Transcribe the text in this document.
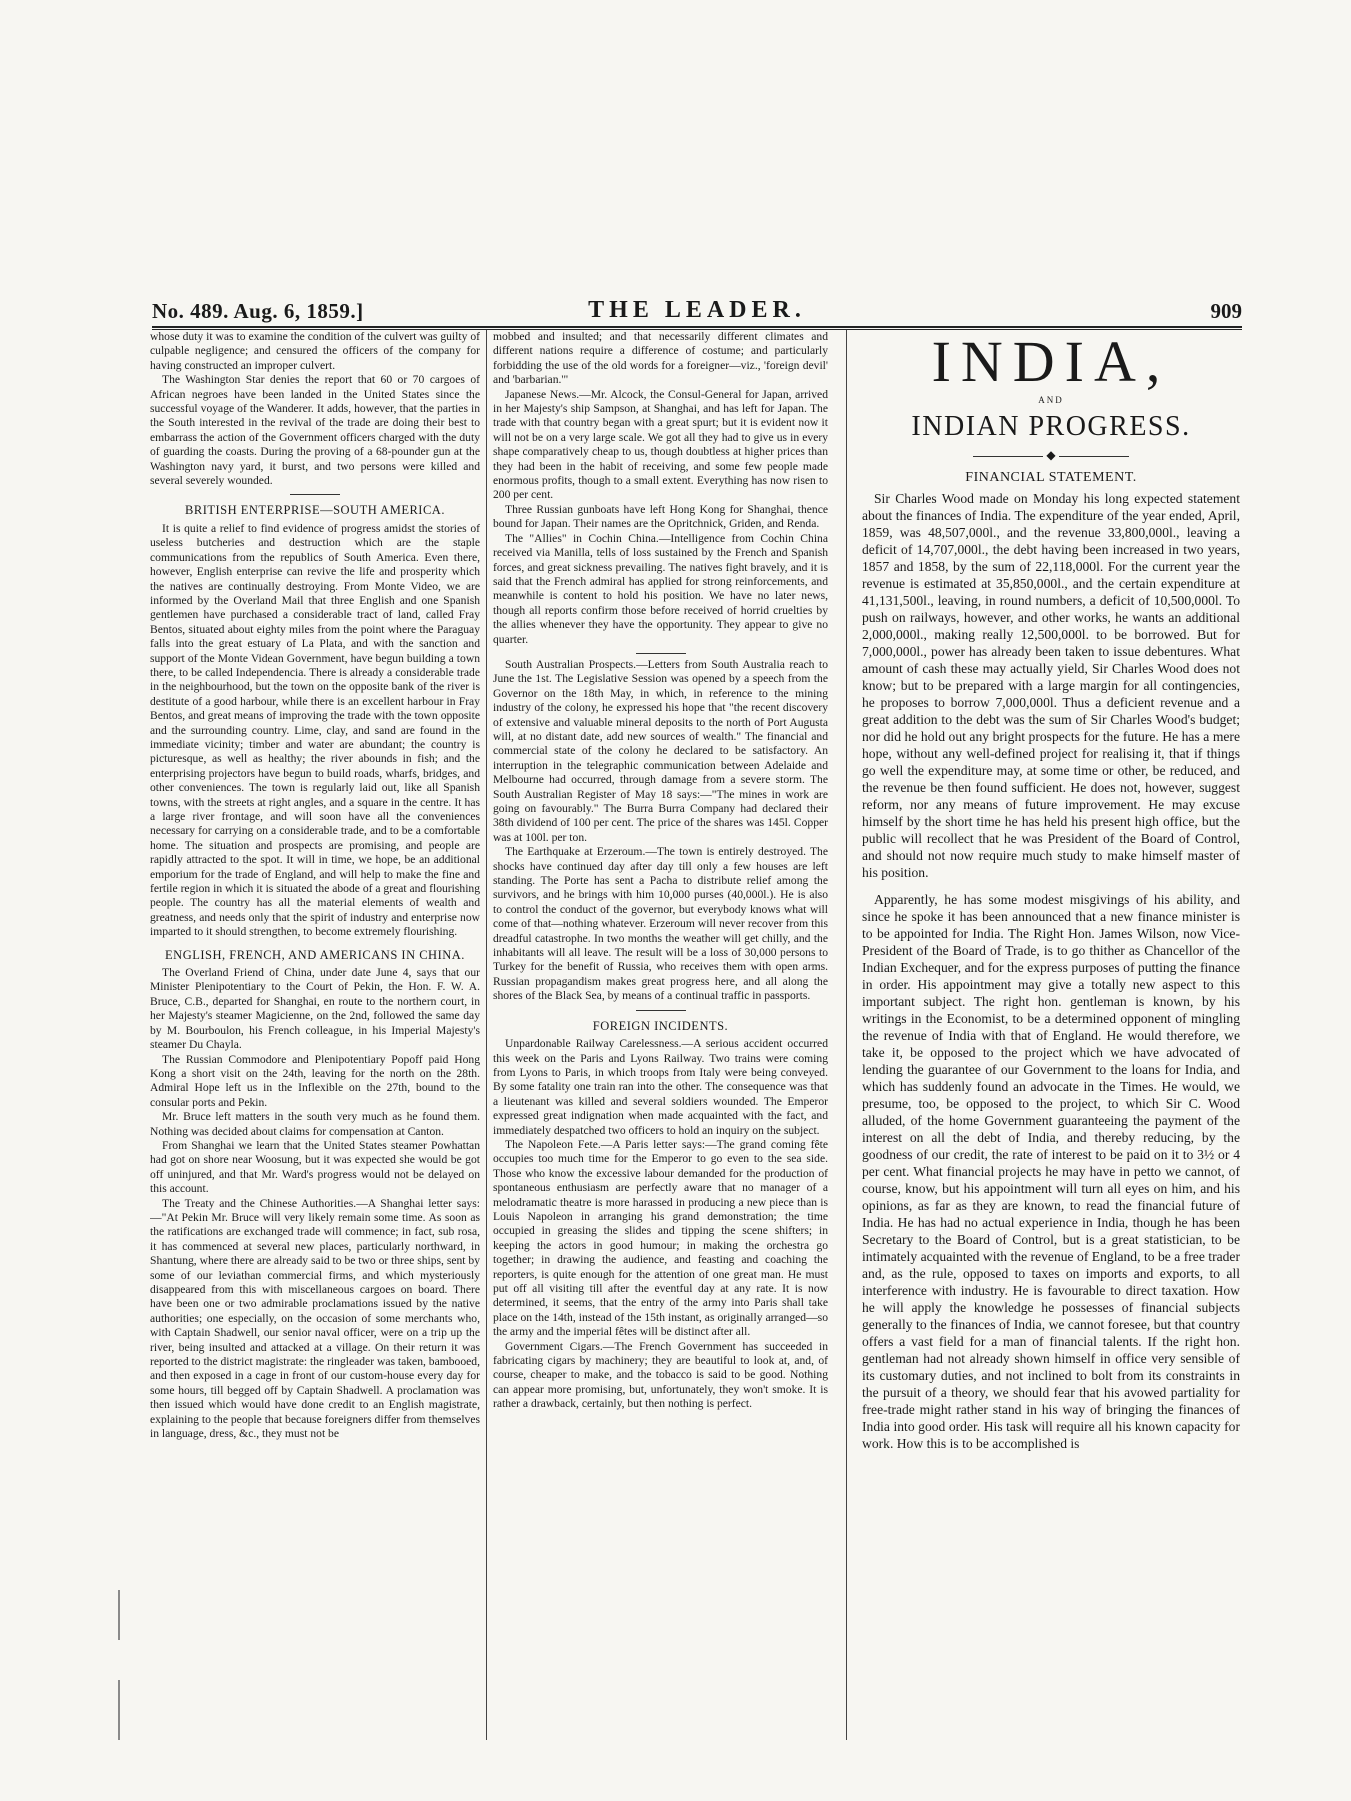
No. 489. Aug. 6, 1859.]	THE LEADER.	909

whose duty it was to examine the condition of the culvert was guilty of culpable negligence; and censured the officers of the company for having constructed an improper culvert.

The Washington Star denies the report that 60 or 70 cargoes of African negroes have been landed in the United States since the successful voyage of the Wanderer. It adds, however, that the parties in the South interested in the revival of the trade are doing their best to embarrass the action of the Government officers charged with the duty of guarding the coasts. During the proving of a 68-pounder gun at the Washington navy yard, it burst, and two persons were killed and several severely wounded.

BRITISH ENTERPRISE—SOUTH AMERICA.

It is quite a relief to find evidence of progress amidst the stories of useless butcheries and destruction which are the staple communications from the republics of South America. Even there, however, English enterprise can revive the life and prosperity which the natives are continually destroying. From Monte Video, we are informed by the Overland Mail that three English and one Spanish gentlemen have purchased a considerable tract of land, called Fray Bentos, situated about eighty miles from the point where the Paraguay falls into the great estuary of La Plata, and with the sanction and support of the Monte Videan Government, have begun building a town there, to be called Independencia. There is already a considerable trade in the neighbourhood, but the town on the opposite bank of the river is destitute of a good harbour, while there is an excellent harbour in Fray Bentos, and great means of improving the trade with the town opposite and the surrounding country. Lime, clay, and sand are found in the immediate vicinity; timber and water are abundant; the country is picturesque, as well as healthy; the river abounds in fish; and the enterprising projectors have begun to build roads, wharfs, bridges, and other conveniences. The town is regularly laid out, like all Spanish towns, with the streets at right angles, and a square in the centre. It has a large river frontage, and will soon have all the conveniences necessary for carrying on a considerable trade, and to be a comfortable home. The situation and prospects are promising, and people are rapidly attracted to the spot. It will in time, we hope, be an additional emporium for the trade of England, and will help to make the fine and fertile region in which it is situated the abode of a great and flourishing people. The country has all the material elements of wealth and greatness, and needs only that the spirit of industry and enterprise now imparted to it should strengthen, to become extremely flourishing.

ENGLISH, FRENCH, AND AMERICANS IN CHINA.

The Overland Friend of China, under date June 4, says that our Minister Plenipotentiary to the Court of Pekin, the Hon. F. W. A. Bruce, C.B., departed for Shanghai, en route to the northern court, in her Majesty's steamer Magicienne, on the 2nd, followed the same day by M. Bourboulon, his French colleague, in his Imperial Majesty's steamer Du Chayla.

The Russian Commodore and Plenipotentiary Popoff paid Hong Kong a short visit on the 24th, leaving for the north on the 28th. Admiral Hope left us in the Inflexible on the 27th, bound to the consular ports and Pekin.

Mr. Bruce left matters in the south very much as he found them. Nothing was decided about claims for compensation at Canton.

From Shanghai we learn that the United States steamer Powhattan had got on shore near Woosung, but it was expected she would be got off uninjured, and that Mr. Ward's progress would not be delayed on this account.

The Treaty and the Chinese Authorities.—A Shanghai letter says:—"At Pekin Mr. Bruce will very likely remain some time. As soon as the ratifications are exchanged trade will commence; in fact, sub rosa, it has commenced at several new places, particularly northward, in Shantung, where there are already said to be two or three ships, sent by some of our leviathan commercial firms, and which mysteriously disappeared from this with miscellaneous cargoes on board. There have been one or two admirable proclamations issued by the native authorities; one especially, on the occasion of some merchants who, with Captain Shadwell, our senior naval officer, were on a trip up the river, being insulted and attacked at a village. On their return it was reported to the district magistrate: the ringleader was taken, bambooed, and then exposed in a cage in front of our custom-house every day for some hours, till begged off by Captain Shadwell. A proclamation was then issued which would have done credit to an English magistrate, explaining to the people that because foreigners differ from themselves in language, dress, &c., they must not be

mobbed and insulted; and that necessarily different climates and different nations require a difference of costume; and particularly forbidding the use of the old words for a foreigner—viz., 'foreign devil' and 'barbarian.'"

Japanese News.—Mr. Alcock, the Consul-General for Japan, arrived in her Majesty's ship Sampson, at Shanghai, and has left for Japan. The trade with that country began with a great spurt; but it is evident now it will not be on a very large scale. We got all they had to give us in every shape comparatively cheap to us, though doubtless at higher prices than they had been in the habit of receiving, and some few people made enormous profits, though to a small extent. Everything has now risen to 200 per cent.

Three Russian gunboats have left Hong Kong for Shanghai, thence bound for Japan. Their names are the Opritchnick, Griden, and Renda.

The "Allies" in Cochin China.—Intelligence from Cochin China received via Manilla, tells of loss sustained by the French and Spanish forces, and great sickness prevailing. The natives fight bravely, and it is said that the French admiral has applied for strong reinforcements, and meanwhile is content to hold his position. We have no later news, though all reports confirm those before received of horrid cruelties by the allies whenever they have the opportunity. They appear to give no quarter.

South Australian Prospects.—Letters from South Australia reach to June the 1st. The Legislative Session was opened by a speech from the Governor on the 18th May, in which, in reference to the mining industry of the colony, he expressed his hope that "the recent discovery of extensive and valuable mineral deposits to the north of Port Augusta will, at no distant date, add new sources of wealth." The financial and commercial state of the colony he declared to be satisfactory. An interruption in the telegraphic communication between Adelaide and Melbourne had occurred, through damage from a severe storm. The South Australian Register of May 18 says:—"The mines in work are going on favourably." The Burra Burra Company had declared their 38th dividend of 100 per cent. The price of the shares was 145l. Copper was at 100l. per ton.

The Earthquake at Erzeroum.—The town is entirely destroyed. The shocks have continued day after day till only a few houses are left standing. The Porte has sent a Pacha to distribute relief among the survivors, and he brings with him 10,000 purses (40,000l.). He is also to control the conduct of the governor, but everybody knows what will come of that—nothing whatever. Erzeroum will never recover from this dreadful catastrophe. In two months the weather will get chilly, and the inhabitants will all leave. The result will be a loss of 30,000 persons to Turkey for the benefit of Russia, who receives them with open arms. Russian propagandism makes great progress here, and all along the shores of the Black Sea, by means of a continual traffic in passports.

FOREIGN INCIDENTS.

Unpardonable Railway Carelessness.—A serious accident occurred this week on the Paris and Lyons Railway. Two trains were coming from Lyons to Paris, in which troops from Italy were being conveyed. By some fatality one train ran into the other. The consequence was that a lieutenant was killed and several soldiers wounded. The Emperor expressed great indignation when made acquainted with the fact, and immediately despatched two officers to hold an inquiry on the subject.

The Napoleon Fete.—A Paris letter says:—The grand coming fête occupies too much time for the Emperor to go even to the sea side. Those who know the excessive labour demanded for the production of spontaneous enthusiasm are perfectly aware that no manager of a melodramatic theatre is more harassed in producing a new piece than is Louis Napoleon in arranging his grand demonstration; the time occupied in greasing the slides and tipping the scene shifters; in keeping the actors in good humour; in making the orchestra go together; in drawing the audience, and feasting and coaching the reporters, is quite enough for the attention of one great man. He must put off all visiting till after the eventful day at any rate. It is now determined, it seems, that the entry of the army into Paris shall take place on the 14th, instead of the 15th instant, as originally arranged—so the army and the imperial fêtes will be distinct after all.

Government Cigars.—The French Government has succeeded in fabricating cigars by machinery; they are beautiful to look at, and, of course, cheaper to make, and the tobacco is said to be good. Nothing can appear more promising, but, unfortunately, they won't smoke. It is rather a drawback, certainly, but then nothing is perfect.

INDIA,
AND
INDIAN PROGRESS.
◆
FINANCIAL STATEMENT.

Sir Charles Wood made on Monday his long expected statement about the finances of India. The expenditure of the year ended, April, 1859, was 48,507,000l., and the revenue 33,800,000l., leaving a deficit of 14,707,000l., the debt having been increased in two years, 1857 and 1858, by the sum of 22,118,000l. For the current year the revenue is estimated at 35,850,000l., and the certain expenditure at 41,131,500l., leaving, in round numbers, a deficit of 10,500,000l. To push on railways, however, and other works, he wants an additional 2,000,000l., making really 12,500,000l. to be borrowed. But for 7,000,000l., power has already been taken to issue debentures. What amount of cash these may actually yield, Sir Charles Wood does not know; but to be prepared with a large margin for all contingencies, he proposes to borrow 7,000,000l. Thus a deficient revenue and a great addition to the debt was the sum of Sir Charles Wood's budget; nor did he hold out any bright prospects for the future. He has a mere hope, without any well-defined project for realising it, that if things go well the expenditure may, at some time or other, be reduced, and the revenue be then found sufficient. He does not, however, suggest reform, nor any means of future improvement. He may excuse himself by the short time he has held his present high office, but the public will recollect that he was President of the Board of Control, and should not now require much study to make himself master of his position.

Apparently, he has some modest misgivings of his ability, and since he spoke it has been announced that a new finance minister is to be appointed for India. The Right Hon. James Wilson, now Vice-President of the Board of Trade, is to go thither as Chancellor of the Indian Exchequer, and for the express purposes of putting the finance in order. His appointment may give a totally new aspect to this important subject. The right hon. gentleman is known, by his writings in the Economist, to be a determined opponent of mingling the revenue of India with that of England. He would therefore, we take it, be opposed to the project which we have advocated of lending the guarantee of our Government to the loans for India, and which has suddenly found an advocate in the Times. He would, we presume, too, be opposed to the project, to which Sir C. Wood alluded, of the home Government guaranteeing the payment of the interest on all the debt of India, and thereby reducing, by the goodness of our credit, the rate of interest to be paid on it to 3½ or 4 per cent. What financial projects he may have in petto we cannot, of course, know, but his appointment will turn all eyes on him, and his opinions, as far as they are known, to read the financial future of India. He has had no actual experience in India, though he has been Secretary to the Board of Control, but is a great statistician, to be intimately acquainted with the revenue of England, to be a free trader and, as the rule, opposed to taxes on imports and exports, to all interference with industry. He is favourable to direct taxation. How he will apply the knowledge he possesses of financial subjects generally to the finances of India, we cannot foresee, but that country offers a vast field for a man of financial talents. If the right hon. gentleman had not already shown himself in office very sensible of its customary duties, and not inclined to bolt from its constraints in the pursuit of a theory, we should fear that his avowed partiality for free-trade might rather stand in his way of bringing the finances of India into good order. His task will require all his known capacity for work. How this is to be accomplished is
